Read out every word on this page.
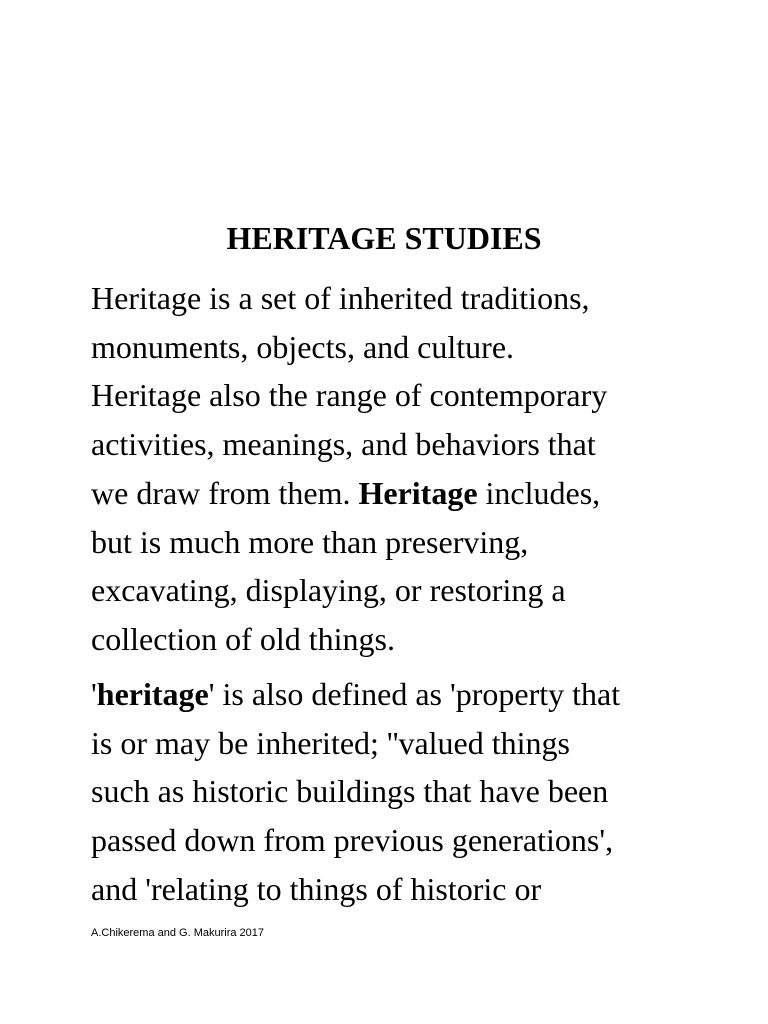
HERITAGE STUDIES

Heritage is a set of inherited traditions,
monuments, objects, and culture.
Heritage also the range of contemporary
activities, meanings, and behaviors that
we draw from them. Heritage includes,
but is much more than preserving,
excavating, displaying, or restoring a
collection of old things.

'heritage' is also defined as 'property that
is or may be inherited; ''valued things
such as historic buildings that have been
passed down from previous generations',
and 'relating to things of historic or

A.Chikerema and G. Makurira 2017
